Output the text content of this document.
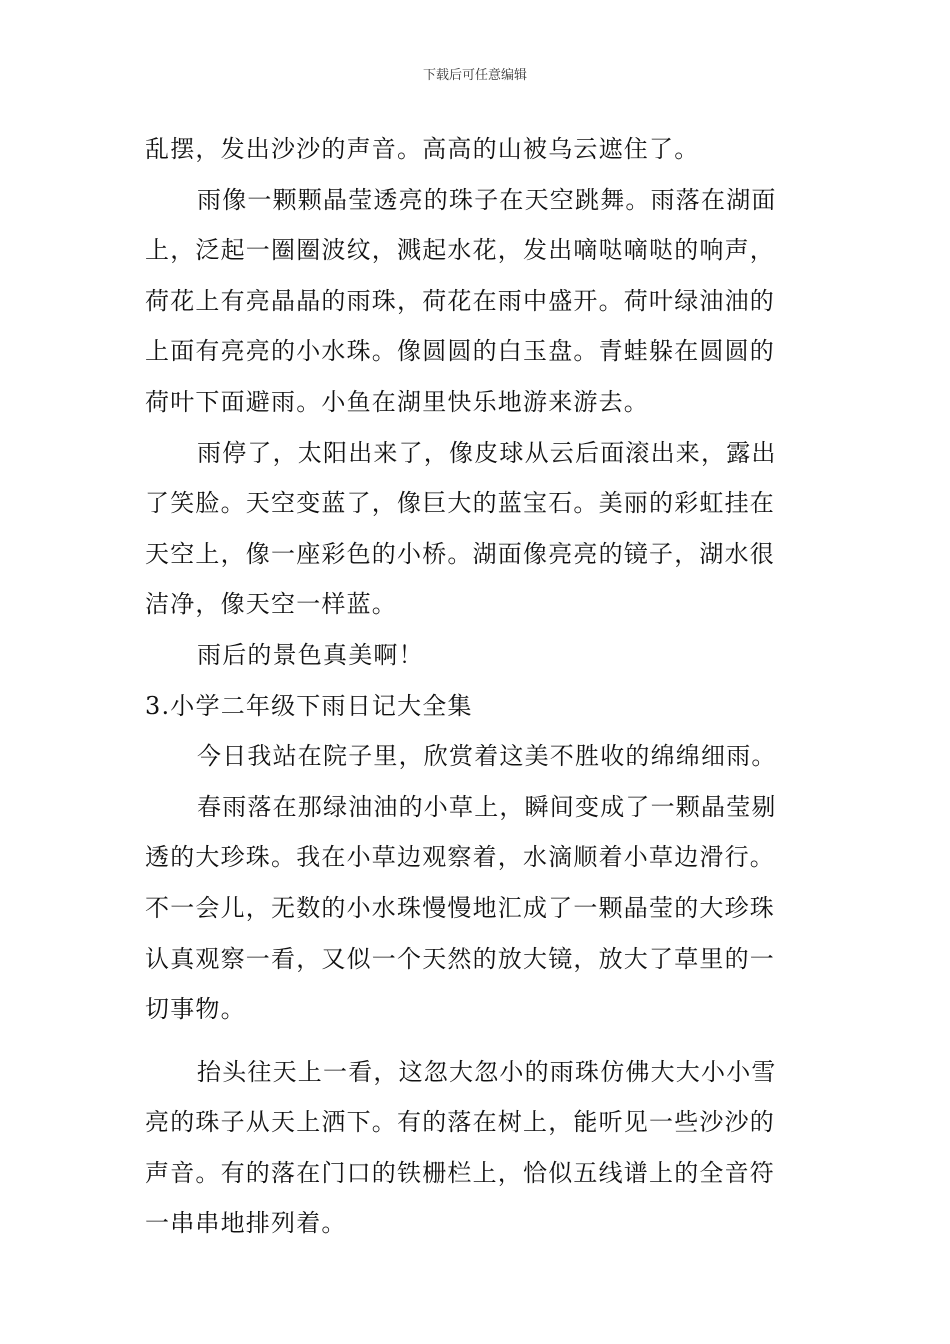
下载后可任意编辑
乱摆，发出沙沙的声音。高高的山被乌云遮住了。
雨像一颗颗晶莹透亮的珠子在天空跳舞。雨落在湖面
上，泛起一圈圈波纹，溅起水花，发出嘀哒嘀哒的响声，
荷花上有亮晶晶的雨珠，荷花在雨中盛开。荷叶绿油油的
上面有亮亮的小水珠。像圆圆的白玉盘。青蛙躲在圆圆的
荷叶下面避雨。小鱼在湖里快乐地游来游去。
雨停了，太阳出来了，像皮球从云后面滚出来，露出
了笑脸。天空变蓝了，像巨大的蓝宝石。美丽的彩虹挂在
天空上，像一座彩色的小桥。湖面像亮亮的镜子，湖水很
洁净，像天空一样蓝。
雨后的景色真美啊！
3.小学二年级下雨日记大全集
今日我站在院子里，欣赏着这美不胜收的绵绵细雨。
春雨落在那绿油油的小草上，瞬间变成了一颗晶莹剔
透的大珍珠。我在小草边观察着，水滴顺着小草边滑行。
不一会儿，无数的小水珠慢慢地汇成了一颗晶莹的大珍珠
认真观察一看，又似一个天然的放大镜，放大了草里的一
切事物。
抬头往天上一看，这忽大忽小的雨珠仿佛大大小小雪
亮的珠子从天上洒下。有的落在树上，能听见一些沙沙的
声音。有的落在门口的铁栅栏上，恰似五线谱上的全音符
一串串地排列着。
